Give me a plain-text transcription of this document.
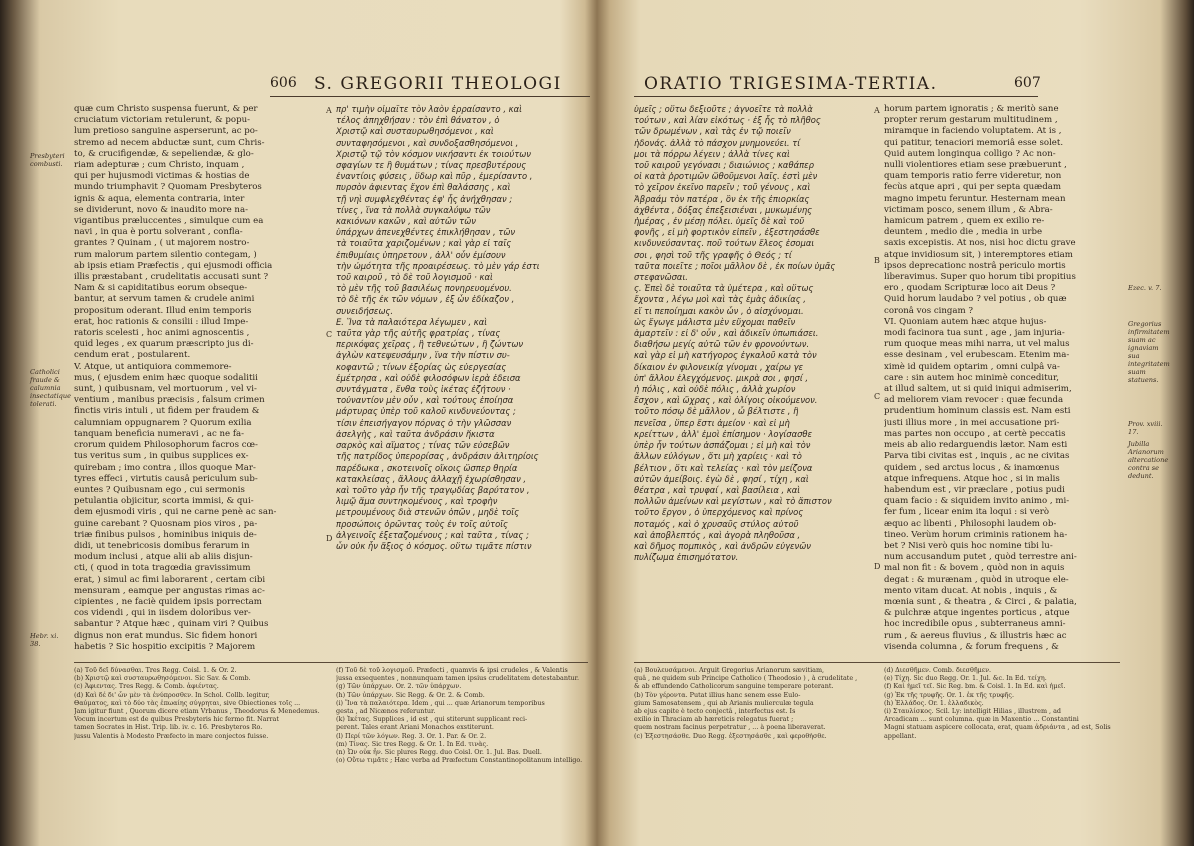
606 S. GREGORII THEOLOGI
Presbyteri combusti.
Catholici fraude & calumnia insectatique tolerati.
Hebr. xi. 38.
quæ cum Christo suspensa fuerunt, & per
cruciatum victoriam retulerunt, & popu-
lum pretioso sanguine asperserunt, ac po-
stremo ad necem abductæ sunt, cum Chris-
to, & crucifigendæ, & sepeliendæ, & glo-
riam adepturæ ; cum Christo, inquam ,
qui per hujusmodi victimas & hostias de
mundo triumphavit ? Quomam Presbyteros
ignis & aqua, elementa contraria, inter
se dividerunt, novo & inaudito more na-
vigantibus præluccentes , simulque cum ea
navi , in qua è portu solverant , confla-
grantes ? Quinam , ( ut majorem nostro-
rum malorum partem silentio contegam, )
ab ipsis etiam Præfectis , qui ejusmodi officia
illis præstabant , crudelitatis accusati sunt ?
Nam & si capiditatibus eorum obseque-
bantur, at servum tamen & crudele animi
propositum oderant. Illud enim temporis
erat, hoc rationis & consilii : illud Impe-
ratoris scelesti , hoc animi agnoscentis ,
quid leges , ex quarum præscripto jus di-
cendum erat , postularent.
V. Atque, ut antiquiora commemore-
mus, ( ejusdem enim hæc quoque sodalitii
sunt, ) quibusnam, vel mortuorum , vel vi-
ventium , manibus præcisis , falsum crimen
finctis viris intuli , ut fidem per fraudem &
calumniam oppugnarem ? Quorum exilia
tanquam beneficia numeravi , ac ne fa-
crorum quidem Philosophorum facros cœ-
tus veritus sum , in quibus supplices ex-
quirebam ; imo contra , illos quoque Mar-
tyres effeci , virtutis causâ periculum sub-
euntes ? Quibusnam ego , cui sermonis
petulantia objicitur, scorta immisi, & qui-
dem ejusmodi viris , qui ne carne penè ac san-
guine carebant ? Quosnam pios viros , pa-
triæ finibus pulsos , hominibus iniquis de-
didi, ut tenebricosis domibus ferarum in
modum inclusi , atque alii ab aliis disjun-
cti, ( quod in tota tragœdia gravissimum
erat, ) simul ac fimi laborarent , certam cibi
mensuram , eamque per angustas rimas ac-
cipientes , ne faciè quidem ipsis porrectam
cos videndi , qui in iisdem doloribus ver-
sabantur ? Atque hæc , quinam viri ? Quibus
dignus non erat mundus. Sic fidem honori
habetis ? Sic hospitio excipitis ? Majorem
πρ' τιμὴν οἰμαϊτε τὸν λαὸν ἐρραίσαντο , καὶ
τέλος ἀπηχθήσαν : τὸν ἐπὶ θάνατον , ὁ
Χριστῷ καὶ συσταυρωθησόμενοι , καὶ
συνταφησόμενοι , καὶ συνδοξασθησόμενοι ,
Χριστῷ τῷ τὸν κόσμον νικήσαντι ἐκ τοιούτων
σφαγίων τε ἢ θυμάτων ; τίνας πρεσβυτέρους
ἐναντίοις φύσεις , ὕδωρ καὶ πῦρ , ἐμερίσαντο ,
πυρσὸν ἀφιεντας ἔχον ἐπὶ θαλάσσης , καὶ
τῇ νηὶ συμφλεχθέντας ἐφ' ἧς ἀνήχθησαν ;
τίνες , ἵνα τὰ πολλὰ συγκαλύψω τῶν
κακιόνων κακῶν , καὶ αὐτῶν τῶν
ὑπάρχων ἀπενεχθέντες ἐπικλήθησαν , τῶν
τὰ τοιαῦτα χαριζομένων ; καὶ γὰρ εἰ ταῖς
ἐπιθυμίαις ὑπηρετουν , ἀλλ' οὖν ἐμίσουν
τὴν ὠμότητα τῆς προαιρέσεως. τὸ μὲν γάρ ἐστι
τοῦ καιροῦ , τὸ δὲ τοῦ λογισμοῦ · καὶ
τὸ μὲν τῆς τοῦ βασιλέως πονηρευομένου.
τὸ δὲ τῆς ἐκ τῶν νόμων , ἐξ ὧν ἐδίκαζον ,
συνειδήσεως.
Ε. Ἵνα τὰ παλαιότερα λέγωμεν , καὶ
ταῦτα γὰρ τῆς αὐτῆς φρατρίας , τίνας
περικόψας χεῖρας , ἢ τεθνεώτων , ἢ ζώντων
ἀγλὼν κατεψευσάμην , ἵνα τὴν πίστιν συ-
κοφαντῶ ; τίνων ἐξορίας ὡς εὐεργεσίας
ἐμέτρησα , καὶ οὐδὲ φιλοσόφων ἱερὰ ἐδεισα
συντάγματα , ἔνθα τοὺς ἱκέτας ἐζήτουν ·
τοὐναντίον μὲν οὖν , καὶ τούτους ἐποίησα
μάρτυρας ὑπὲρ τοῦ καλοῦ κινδυνεύοντας ;
τίσιν ἐπεισήγαγον πόρνας ὁ τὴν γλῶσσαν
ἀσελγὴς , καὶ ταῦτα ἀνδράσιν ἥκιστα
σαρκὸς καὶ αἵματος ; τίνας τῶν εὐσεβῶν
τῆς πατρίδος ὑπερορίσας , ἀνδράσιν ἀλιτηρίοις
παρέδωκα , σκοτεινοῖς οἴκοις ὥσπερ θηρία
κατακλείσας , ἄλλους ἀλλαχῇ ἐχωρίσθησαν ,
καὶ τοῦτο γὰρ ἦν τῆς τραγῳδίας βαρύτατον ,
λιμῷ ἅμα συντηκομένους , καὶ τροφὴν
μετρουμένους διὰ στενῶν ὀπῶν , μηδὲ τοῖς
προσώποις ὁρῶντας τοὺς ἐν τοῖς αὐτοῖς
ἀλγεινοῖς ἐξεταζομένους ; καὶ ταῦτα , τίνας ;
ὧν οὐκ ἦν ἄξιος ὁ κόσμος. οὕτω τιμᾶτε πίστιν
A
C
D
(a) Τοῦ δεῖ δύνασθαι. Tres Regg. Coisl. 1. & Or. 2.
(b) Χριστῷ καὶ συσταυρωθησόμενοι. Sic Sav. & Comb.
(c) Ἀφιεντας. Tres Regg. & Comb. ἀφιέντας.
(d) Καὶ δέ δι' ὧν μὲν τὰ ἐνύπροσθεν. In Schol. Collb. legitur,
Θαύματος, καὶ τὸ δύο τὰς ἐπωαίης σύγρηται, sive Obiectiones τοῖς ...
Jam igitur fiunt , Quorum dicere etiam Vrbanus , Theodorus & Menedemus.
Vocum incertum est de quibus Presbyteris hic fermo fit. Narrat
tamen Socrates in Hist. Trip. lib. iv. c. 16. Presbyteros Ro.
jussu Valentis à Modesto Præfecto in mare conjectos fuisse.
(f) Τοῦ δὲ τοῦ λογισμοῦ. Præfecti , quamvis & ipsi crudeles , & Valentis
jussa exsequentes , nonnunquam tamen ipsius crudelitatem detestabantur.
(g) Τῶν ὑπάρχων. Or. 2. τῶν ὑπάρχων.
(h) Τῶν ὑπάρχων. Sic Regg. & Or. 2. & Comb.
(i) Ἵνα τὰ παλαιότερα. Idem , qui ... quæ Arianorum temporibus
gesta , ad Nicænos referuntur.
(k) Ἱκέτας. Supplices , id est , qui stiterunt supplicant reci-
perent. Tales erant Ariani Monachos exstiterunt.
(l) Περί τῶν λόγων. Reg. 3. Or. 1. Par. & Or. 2.
(m) Τίνας. Sic tres Regg. & Or. 1. In Ed. τινὰς.
(n) Ὧν οὐκ ἦν. Sic plures Regg. duo Coisl. Or. 1. Jul. Bas. Duell.
(o) Οὕτω τιμᾶτε ; Hæc verba ad Præfectum Constantinopolitanum intelligo.
ORATIO TRIGESIMA-TERTIA.	607
ὑμεῖς ; οὕτω δεξιοῦτε ; ἀγνοεῖτε τὰ πολλὰ
τούτων , καὶ λίαν εἰκότως · ἐξ ἧς τὸ πλῆθος
τῶν δρωμένων , καὶ τὰς ἐν τῷ ποιεῖν
ἡδονάς. ἀλλὰ τὸ πάσχον μνημονεύει. τί
μοι τὰ πόρρω λέγειν ; ἀλλὰ τίνες καὶ
τοῦ καιροῦ γεγόνασι ; διαιώνιος ; καθάπερ
οἱ κατὰ ῥροτιμῶν ὥθοῦμενοι λαῖς. ἐστὶ μὲν
τὸ χεῖρον ἐκεῖνο παρεῖν ; τοῦ γένους , καὶ
Ἀβραάμ τὸν πατέρα , ὃν ἐκ τῆς ἐπιορκίας
ἀχθέντα , δόξας ἐπεξεισιέναι , μυκωμένης
ἡμέρας , ἐν μέσῃ πόλει. ὑμεῖς δὲ καὶ τοῦ
φονῆς , εἰ μὴ φορτικὸν εἰπεῖν , ἐξεστησάσθε
κινδυνεύσαντας. ποῦ τούτων ἔλεος ἐσομαι
σοι , φησὶ τοῦ τῆς γραφῆς ὁ Θεός ; τί
ταῦτα ποιεῖτε ; ποῖοι μᾶλλον δὲ , ἐκ ποίων ὑμᾶς
στεφανῶσαι.
ς. Ἐπεὶ δὲ τοιαῦτα τὰ ὑμέτερα , καὶ οὕτως
ἔχοντα , λέγω μοὶ καὶ τὰς ἐμὰς ἀδικίας ,
εἴ τι πεποίημαι κακὸν ὧν , ὁ αἰσχύνομαι.
ὡς ἔγωγε μάλιστα μὲν εὔχομαι παθεῖν
ἁμαρτεῖν : εἰ δ' οὖν , καὶ ἀδικεῖν ὑπωπιάσει.
διαθήσω μεγίς αὐτῶ τῶν ἐν φρονούντων.
καὶ γὰρ εἰ μὴ κατήγορος ἐγκαλοῦ κατὰ τὸν
δίκαιον ἐν φιλονεικίᾳ γίνομαι , χαίρω γε
ὑπ' ἄλλου ἐλεγχόμενος. μικρὰ σοι , φησί ,
ἡ πόλις , καὶ οὐδὲ πόλις , ἀλλὰ χωρίον
ἔσχον , καὶ ὤχρας , καὶ ὀλίγοις οἰκούμενον.
τοῦτο πόσῳ δὲ μᾶλλον , ὦ βέλτιστε , ἢ
πενεῖσα , ὕπερ ἔστι ἀμείον · καὶ εἰ μὴ
κρείττων , ἀλλ' ἐμοὶ ἐπίσημον · λογίσασθε
ὑπὲρ ἦν τούτων ἀσπάζομαι ; εἰ μὴ καὶ τὸν
ἄλλων εὐλόγων , ὅτι μὴ χαρίεις · καὶ τὸ
βέλτιον , ὅτι καὶ τελείας · καὶ τὸν μείζονα
αὐτῶν ἀμείβοις. ἐγὼ δὲ , φησί , τίχη , καὶ
θέατρα , καὶ τρυφαί , καὶ βασίλεια , καὶ
πολλῶν ἀμείνων καὶ μεγίστων , καὶ τὸ ἄπιστον
τοῦτο ἔργον , ὁ ὑπερχόμενος καὶ πρίνος
ποταμός , καὶ ὁ χρυσαῦς στύλος αὐτοῦ
καὶ ἀποβλεπτός , καὶ ἀγορὰ πληθοῦσα ,
καὶ δῆμος πομπικὸς , καὶ ἀνδρῶν εὐγενῶν
πυλίζωμα ἐπισημότατον.
horum partem ignoratis ; & meritò sane
propter rerum gestarum multitudinem ,
miramque in faciendo voluptatem. At is ,
qui patitur, tenaciori memoriâ esse solet.
Quid autem longinqua colligo ? Ac non-
nulli violentiores etiam sese præbuerunt ,
quam temporis ratio ferre videretur, non
fecùs atque apri , qui per septa quædam
magno impetu feruntur. Hesternam mean
victimam posco, senem illum , & Abra-
hamicum patrem , quem ex exilio re-
deuntem , medio die , media in urbe
saxis excepistis. At nos, nisi hoc dictu grave
atque invidiosum sit, ) interemptores etiam
ipsos deprecationc nostrâ periculo mortis
liberavimus. Super quo horum tibi propitius
ero , quodam Scripturæ loco ait Deus ?
Quid horum laudabo ? vel potius , ob quæ
coronâ vos cingam ?
VI. Quoniam autem hæc atque hujus-
modi facinora tua sunt , age , jam injuria-
rum quoque meas mihi narra, ut vel malus
esse desinam , vel erubescam. Etenim ma-
ximè id quidem optarim , omni culpâ va-
care : sin autem hoc minimè conceditur,
at illud saltem, ut si quid iniqui admiserim,
ad meliorem viam revocer : quæ fecunda
prudentium hominum classis est. Nam esti
justi illius more , in mei accusatione pri-
mas partes non occupo , at certè peccatis
meis ab alio redarguendis lætor. Nam esti
Parva tibi civitas est , inquis , ac ne civitas
quidem , sed arctus locus , & inamœnus
atque infrequens. Atque hoc , si in malis
habendum est , vir præclare , potius pudi
quam facio : & siquidem invito animo , mi-
fer fum , licear enim ita loqui : si verò
æquo ac libenti , Philosophi laudem ob-
tineo. Verùm horum criminis rationem ha-
bet ? Nisi verò quis hoc nomine tibi lu-
num accusandum putet , quòd terrestre ani-
mal non fit : & bovem , quòd non in aquis
degat : & murænam , quòd in utroque ele-
mento vitam ducat. At nobis , inquis , &
mœnia sunt , & theatra , & Circi , & palatia,
& pulchræ atque ingentes porticus , atque
hoc incredibile opus , subterraneus amni-
rum , & aereus fluvius , & illustris hæc ac
visenda columna , & forum frequens , &
A
B
C
D
Ezec. v. 7.
Gregorius infirmitatem suam ac ignaviam sua integritatem suam statuens.
Prov. xviii. 17.
Jubilla Arianorum altercatione contra se dedunt.
(a) Βουλευσάμενοι. Arguit Gregorius Arianorum sævitiam,
quâ , ne quidem sub Principe Catholico ( Theodosio ) , à crudelitate ,
& ab effundendo Catholicorum sanguine temperare poterant.
(b) Τὸν γέροντα. Putat illius hanc senem esse Eulo-
gium Samosatensem , qui ab Arianis mulierculæ tegula
ab ejus capite è tecto conjectâ , interfectus est. Is
exilio in Thraciam ab hæreticis relegatus fuerat ;
quem nostram facinus perpetratur , ... à poena liberaverat.
(c) Ἐξεστησάσθε. Duo Regg. ἐξεστησάσθε , καὶ φεροθήσθε.
(d) Διεσθῆμεν. Comb. διεσθῆμεν.
(e) Τίχη. Sic duo Regg. Or. 1. Jul. &c. In Ed. τείχη.
(f) Καὶ ἡμεῖ τεῖ. Sic Reg. bm. & Coisl. 1. In Ed. καὶ ἡμεῖ.
(g) Ἐκ τῆς τρυφῆς. Or. 1. ἐκ τῆς τρυφῆς.
(h) Ἑλλάδος. Or. 1. ἑλλαδικὸς.
(i) Σταυλίσκος. Scil. Ly: intelligit Hilias , illustrem , ad
Arcadicam ... sunt columna. quæ in Maxentio ... Constantini
Magni statuam aspicere collocata, erat, quam ἀδριάντα , ad est, Solis
appellant.
